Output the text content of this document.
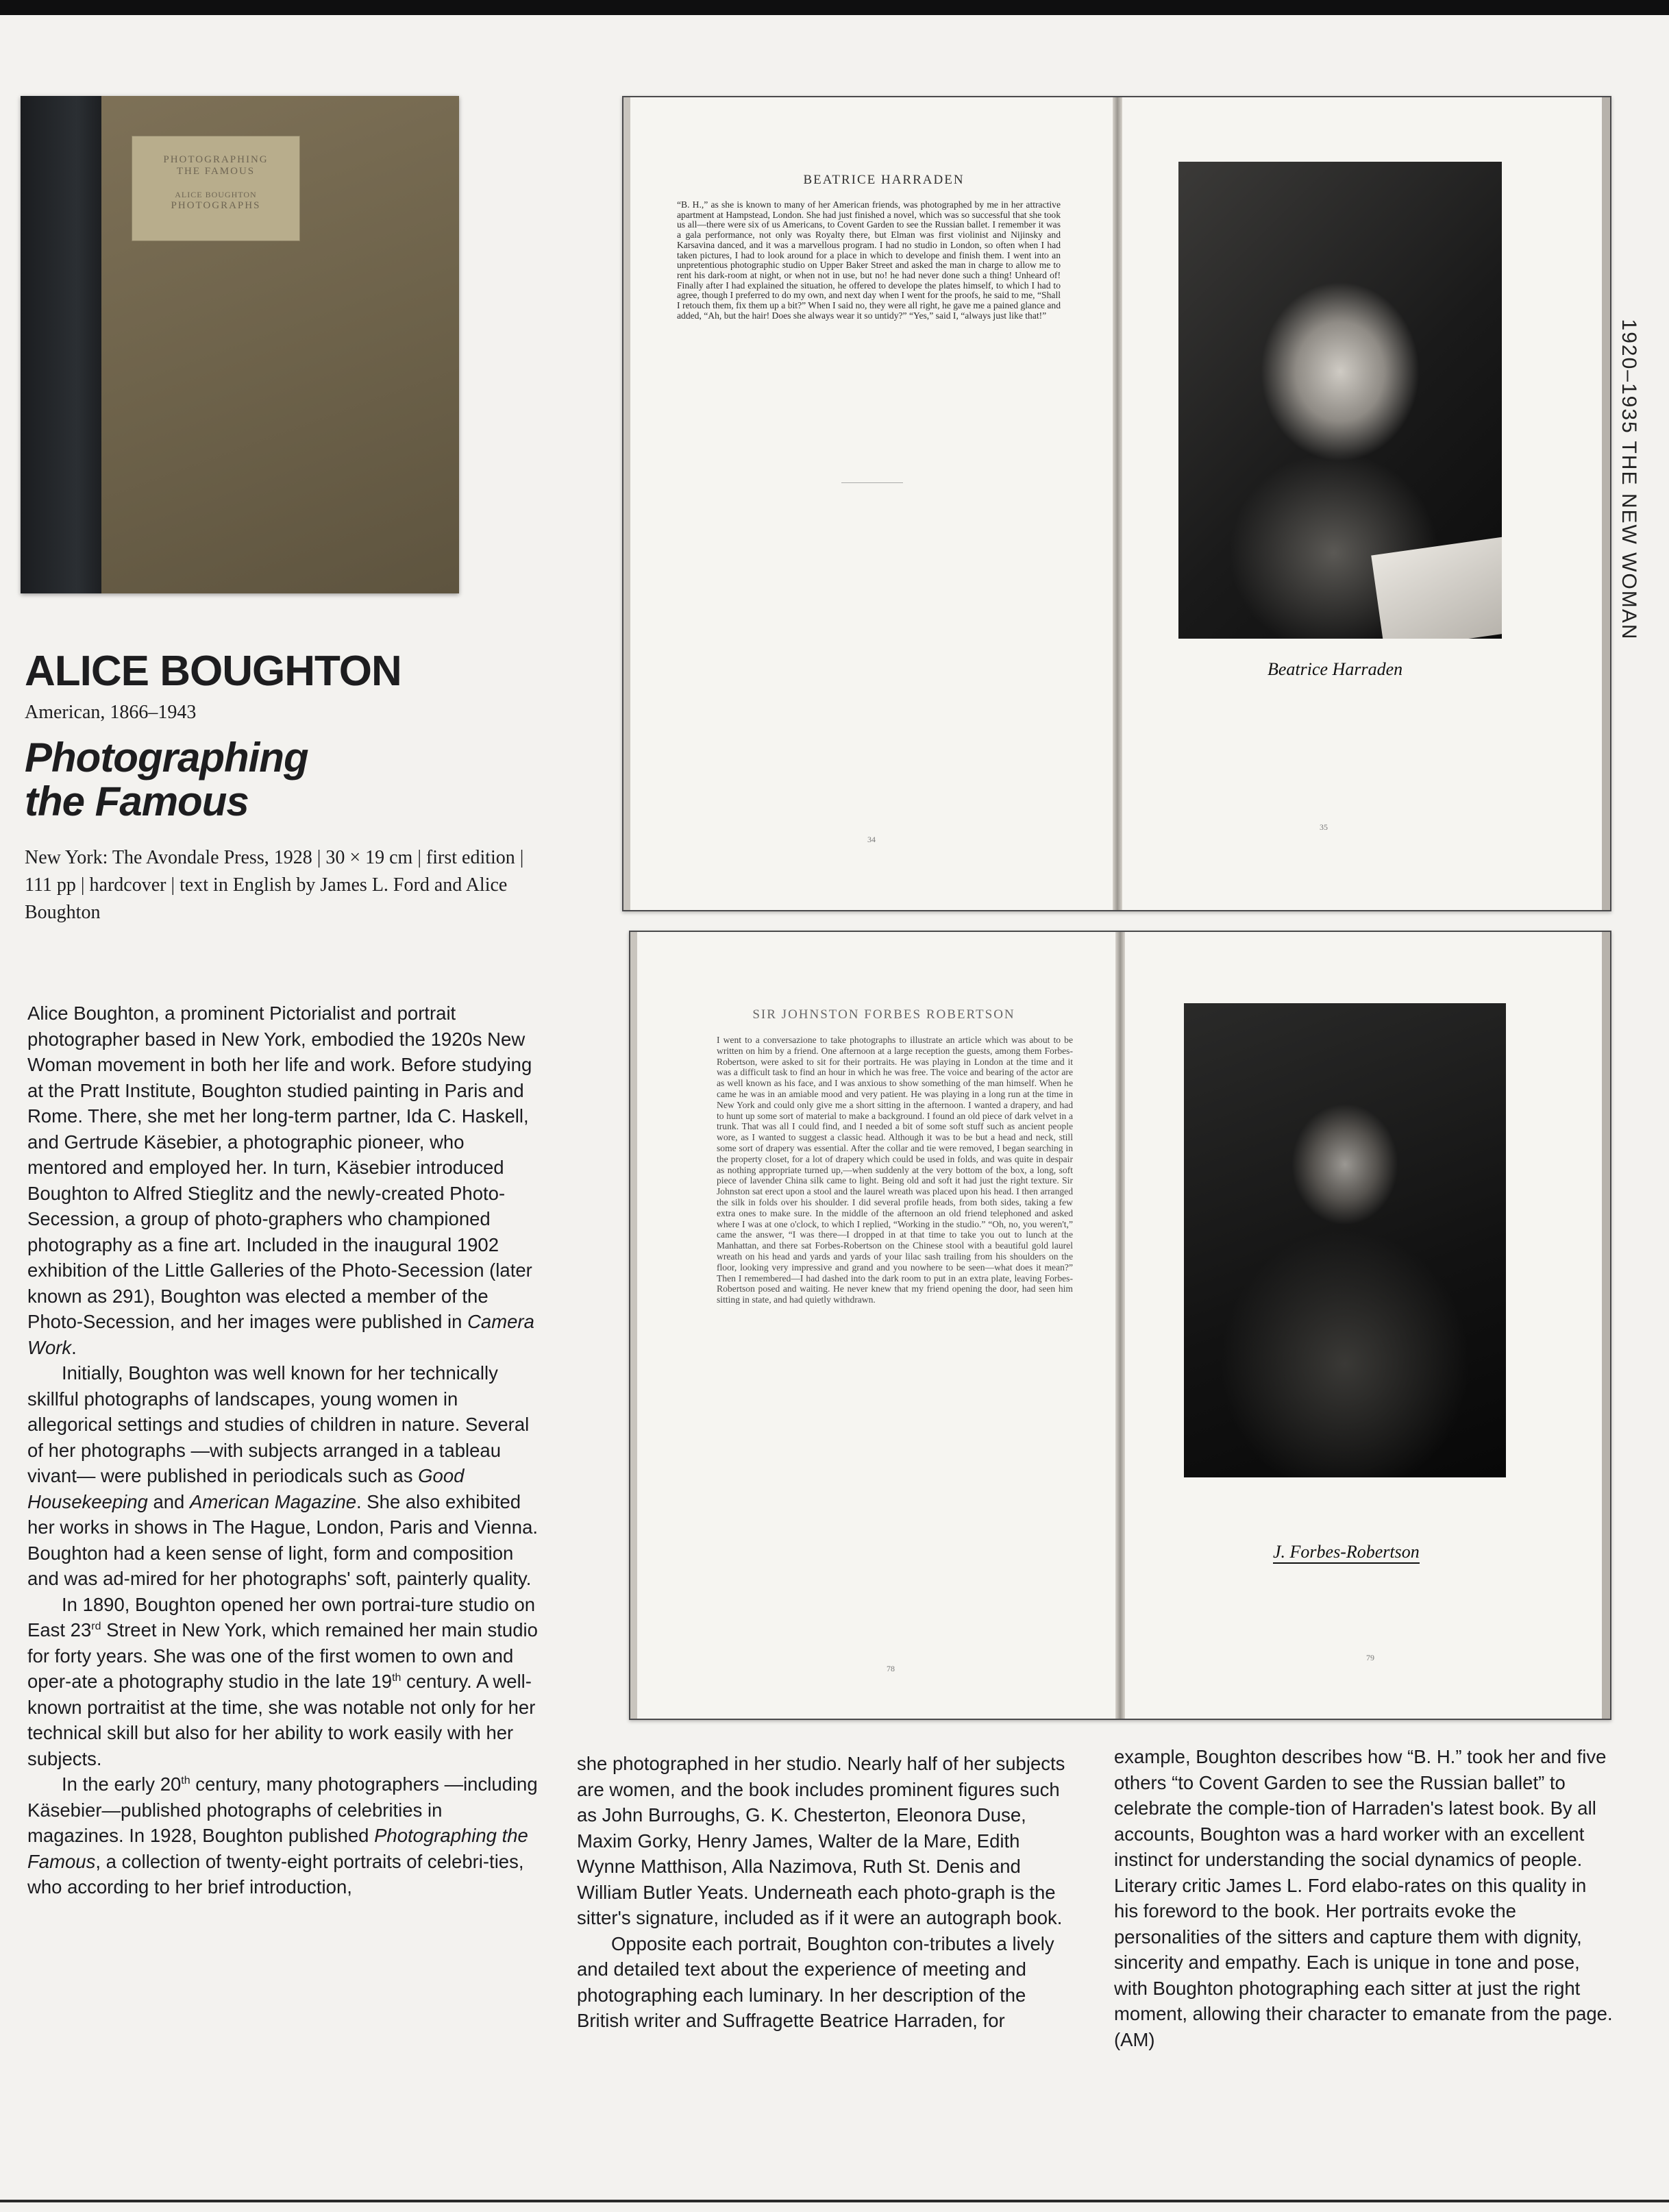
PHOTOGRAPHING
THE FAMOUS
ALICE BOUGHTON
PHOTOGRAPHS
ALICE BOUGHTON
American, 1866–1943
Photographing
the Famous
New York: The Avondale Press, 1928 | 30 × 19 cm | first edition | 111 pp | hardcover | text in English by James L. Ford and Alice Boughton
BEATRICE HARRADEN
“B. H.,” as she is known to many of her American friends, was photographed by me in her attractive apartment at Hampstead, London. She had just finished a novel, which was so successful that she took us all—there were six of us Americans, to Covent Garden to see the Russian ballet. I remember it was a gala performance, not only was Royalty there, but Elman was first violinist and Nijinsky and Karsavina danced, and it was a marvellous program. I had no studio in London, so often when I had taken pictures, I had to look around for a place in which to develope and finish them. I went into an unpretentious photographic studio on Upper Baker Street and asked the man in charge to allow me to rent his dark-room at night, or when not in use, but no! he had never done such a thing! Unheard of! Finally after I had explained the situation, he offered to develope the plates himself, to which I had to agree, though I preferred to do my own, and next day when I went for the proofs, he said to me, “Shall I retouch them, fix them up a bit?” When I said no, they were all right, he gave me a pained glance and added, “Ah, but the hair! Does she always wear it so untidy?” “Yes,” said I, “always just like that!”
34
Beatrice Harraden
35
SIR JOHNSTON FORBES ROBERTSON
I went to a conversazione to take photographs to illustrate an article which was about to be written on him by a friend. One afternoon at a large reception the guests, among them Forbes-Robertson, were asked to sit for their portraits. He was playing in London at the time and it was a difficult task to find an hour in which he was free. The voice and bearing of the actor are as well known as his face, and I was anxious to show something of the man himself. When he came he was in an amiable mood and very patient. He was playing in a long run at the time in New York and could only give me a short sitting in the afternoon. I wanted a drapery, and had to hunt up some sort of material to make a background. I found an old piece of dark velvet in a trunk. That was all I could find, and I needed a bit of some soft stuff such as ancient people wore, as I wanted to suggest a classic head. Although it was to be but a head and neck, still some sort of drapery was essential. After the collar and tie were removed, I began searching in the property closet, for a lot of drapery which could be used in folds, and was quite in despair as nothing appropriate turned up,—when suddenly at the very bottom of the box, a long, soft piece of lavender China silk came to light. Being old and soft it had just the right texture. Sir Johnston sat erect upon a stool and the laurel wreath was placed upon his head. I then arranged the silk in folds over his shoulder. I did several profile heads, from both sides, taking a few extra ones to make sure. In the middle of the afternoon an old friend telephoned and asked where I was at one o'clock, to which I replied, “Working in the studio.” “Oh, no, you weren't,” came the answer, “I was there—I dropped in at that time to take you out to lunch at the Manhattan, and there sat Forbes-Robertson on the Chinese stool with a beautiful gold laurel wreath on his head and yards and yards of your lilac sash trailing from his shoulders on the floor, looking very impressive and grand and you nowhere to be seen—what does it mean?” Then I remembered—I had dashed into the dark room to put in an extra plate, leaving Forbes-Robertson posed and waiting. He never knew that my friend opening the door, had seen him sitting in state, and had quietly withdrawn.
78
J. Forbes-Robertson
79
1920–1935 THE NEW WOMAN

Alice Boughton, a prominent Pictorialist and portrait photographer based in New York, embodied the 1920s New Woman movement in both her life and work. Before studying at the Pratt Institute, Boughton studied painting in Paris and Rome. There, she met her long-term partner, Ida C. Haskell, and Gertrude Käsebier, a photographic pioneer, who mentored and employed her. In turn, Käsebier introduced Boughton to Alfred Stieglitz and the newly-created Photo-Secession, a group of photo-graphers who championed photography as a fine art. Included in the inaugural 1902 exhibition of the Little Galleries of the Photo-Secession (later known as 291), Boughton was elected a member of the Photo-Secession, and her images were published in Camera Work.

Initially, Boughton was well known for her technically skillful photographs of landscapes, young women in allegorical settings and studies of children in nature. Several of her photographs —with subjects arranged in a tableau vivant— were published in periodicals such as Good Housekeeping and American Magazine. She also exhibited her works in shows in The Hague, London, Paris and Vienna. Boughton had a keen sense of light, form and composition and was ad-mired for her photographs' soft, painterly quality.

In 1890, Boughton opened her own portrai-ture studio on East 23rd Street in New York, which remained her main studio for forty years. She was one of the first women to own and oper-ate a photography studio in the late 19th century. A well-known portraitist at the time, she was notable not only for her technical skill but also for her ability to work easily with her subjects.

In the early 20th century, many photographers —including Käsebier—published photographs of celebrities in magazines. In 1928, Boughton published Photographing the Famous, a collection of twenty-eight portraits of celebri-ties, who according to her brief introduction,

she photographed in her studio. Nearly half of her subjects are women, and the book includes prominent figures such as John Burroughs, G. K. Chesterton, Eleonora Duse, Maxim Gorky, Henry James, Walter de la Mare, Edith Wynne Matthison, Alla Nazimova, Ruth St. Denis and William Butler Yeats. Underneath each photo-graph is the sitter's signature, included as if it were an autograph book.

Opposite each portrait, Boughton con-tributes a lively and detailed text about the experience of meeting and photographing each luminary. In her description of the British writer and Suffragette Beatrice Harraden, for

example, Boughton describes how “B. H.” took her and five others “to Covent Garden to see the Russian ballet” to celebrate the comple-tion of Harraden's latest book. By all accounts, Boughton was a hard worker with an excellent instinct for understanding the social dynamics of people. Literary critic James L. Ford elabo-rates on this quality in his foreword to the book. Her portraits evoke the personalities of the sitters and capture them with dignity, sincerity and empathy. Each is unique in tone and pose, with Boughton photographing each sitter at just the right moment, allowing their character to emanate from the page. (AM)
